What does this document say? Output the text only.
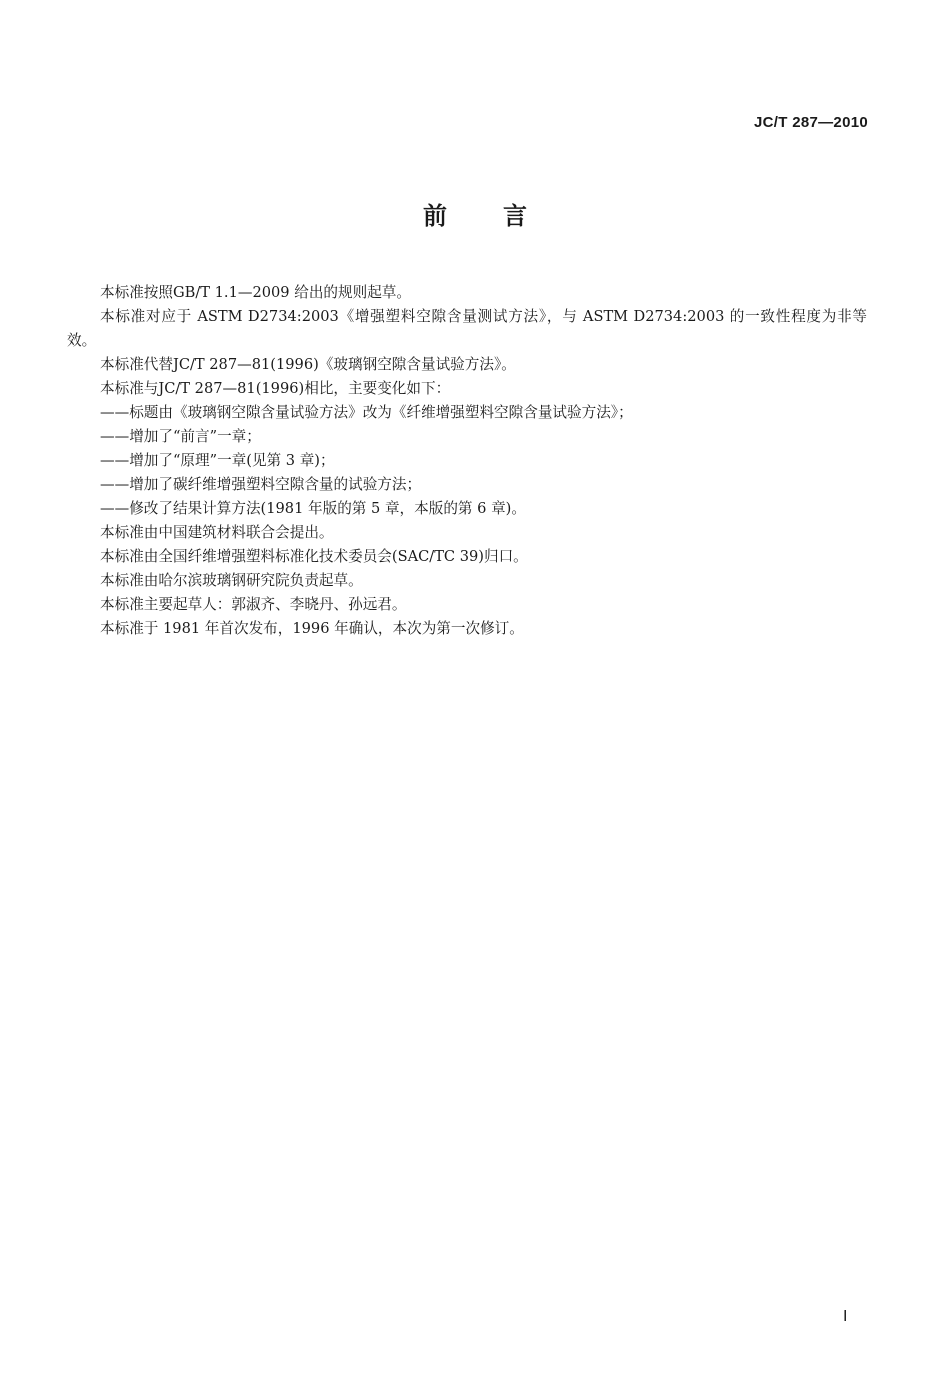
JC/T 287—2010
前言

本标准按照GB/T 1.1—2009 给出的规则起草。

本标准对应于 ASTM D2734:2003《增强塑料空隙含量测试方法》，与 ASTM D2734:2003 的一致性程度为非等效。

本标准代替JC/T 287—81(1996)《玻璃钢空隙含量试验方法》。

本标准与JC/T 287—81(1996)相比，主要变化如下：

——标题由《玻璃钢空隙含量试验方法》改为《纤维增强塑料空隙含量试验方法》；

——增加了“前言”一章；

——增加了“原理”一章(见第 3 章)；

——增加了碳纤维增强塑料空隙含量的试验方法；

——修改了结果计算方法(1981 年版的第 5 章，本版的第 6 章)。

本标准由中国建筑材料联合会提出。

本标准由全国纤维增强塑料标准化技术委员会(SAC/TC 39)归口。

本标准由哈尔滨玻璃钢研究院负责起草。

本标准主要起草人：郭淑齐、李晓丹、孙远君。

本标准于 1981 年首次发布，1996 年确认，本次为第一次修订。

I
